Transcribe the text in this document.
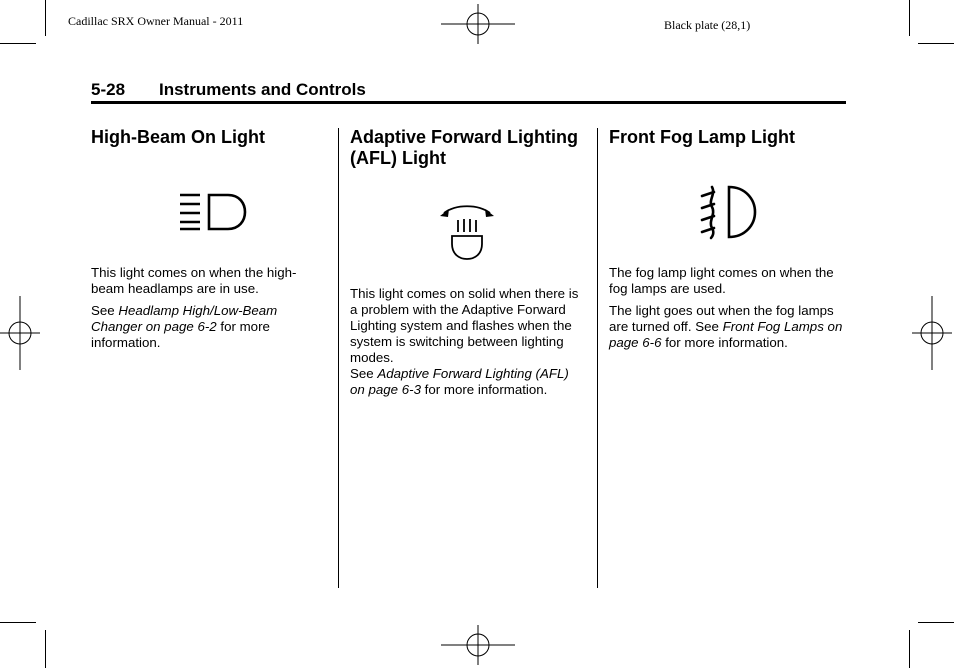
Cadillac SRX Owner Manual - 2011	Black plate (28,1)
5-28 Instruments and Controls
High-Beam On Light

This light comes on when the high-beam headlamps are in use.

See Headlamp High/Low-Beam Changer on page 6-2 for more information.

Adaptive Forward Lighting (AFL) Light

This light comes on solid when there is a problem with the Adaptive Forward Lighting system and flashes when the system is switching between lighting modes.

See Adaptive Forward Lighting (AFL) on page 6-3 for more information.

Front Fog Lamp Light

The fog lamp light comes on when the fog lamps are used.

The light goes out when the fog lamps are turned off. See Front Fog Lamps on page 6-6 for more information.
